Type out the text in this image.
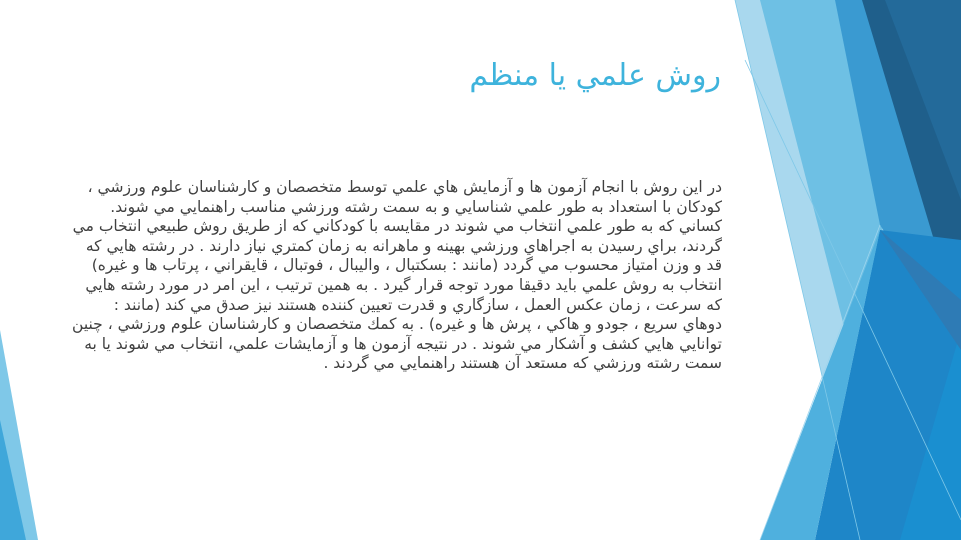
روش علمي يا منظم
در اين روش با انجام آزمون ها و آزمايش هاي علمي توسط متخصصان و كارشناسان علوم ورزشي ، كودكان با استعداد به طور علمي شناسايي و به سمت رشته ورزشي مناسب راهنمايي مي شوند. كساني كه به طور علمي انتخاب مي شوند در مقايسه با كودكاني كه از طريق روش طبيعي انتخاب مي گردند، براي رسيدن به اجراهاي ورزشي بهينه و ماهرانه به زمان كمتري نياز دارند . در رشته هايي كه قد و وزن امتياز محسوب مي گردد (مانند : بسكتبال ، واليبال ، فوتبال ، قايقراني ، پرتاب ها و غيره) انتخاب به روش علمي بايد دقيقا مورد توجه قرار گيرد . به همين ترتيب ، اين امر در مورد رشته هايي كه سرعت ، زمان عكس العمل ، سازگاري و قدرت تعيين كننده هستند نيز صدق مي كند (مانند : دوهاي سريع ، جودو و هاكي ، پرش ها و غيره) . به كمك متخصصان و كارشناسان علوم ورزشي ، چنين توانايي هايي كشف و آشكار مي شوند . در نتيجه آزمون ها و آزمايشات علمي، انتخاب مي شوند يا به سمت رشته ورزشي كه مستعد آن هستند راهنمايي مي گردند .
